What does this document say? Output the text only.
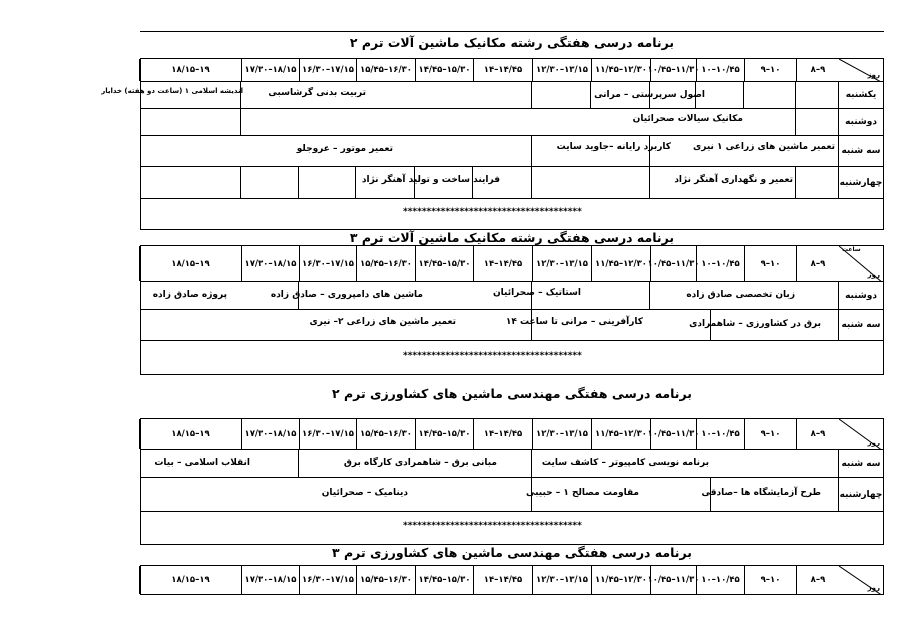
برنامه درسی هفتگی رشته مکانیک ماشین آلات ترم ۲
روز
۸–۹
۹–۱۰
۱۰–۱۰/۴۵
۱۰/۴۵–۱۱/۳۰
۱۱/۴۵–۱۲/۳۰
۱۲/۳۰–۱۳/۱۵
۱۴–۱۴/۴۵
۱۴/۴۵–۱۵/۳۰
۱۵/۴۵–۱۶/۳۰
۱۶/۳۰–۱۷/۱۵
۱۷/۳۰–۱۸/۱۵
۱۸/۱۵–۱۹
یکشنبه
اصول سرپرستی – مرانی
تربیت بدنی گرشاسبی
اندیشه اسلامی ۱ (ساعت دو هفته) خدایار
دوشنبه
مکانیک سیالات صحرائیان
سه شنبه
تعمیر ماشین های زراعی ۱ نیری
کاربرد رایانه –جاوید سایت
تعمیر موتور – عروجلو
چهارشنبه
تعمیر و نگهداری آهنگر نژاد
فرایند ساخت و تولید آهنگر نژاد
**************************************
برنامه درسی هفتگی رشته مکانیک ماشین آلات ترم ۳
روز
ساعت
۸–۹
۹–۱۰
۱۰–۱۰/۴۵
۱۰/۴۵–۱۱/۳۰
۱۱/۴۵–۱۲/۳۰
۱۲/۳۰–۱۳/۱۵
۱۴–۱۴/۴۵
۱۴/۴۵–۱۵/۳۰
۱۵/۴۵–۱۶/۳۰
۱۶/۳۰–۱۷/۱۵
۱۷/۳۰–۱۸/۱۵
۱۸/۱۵–۱۹
دوشنبه
زبان تخصصی صادق زاده
استاتیک – صحرائیان
ماشین های دامپروری – صادق زاده
پروژه صادق زاده
سه شنبه
برق در کشاورزی – شاهمرادی
کارآفرینی – مرانی تا ساعت ۱۴
تعمیر ماشین های زراعی ۲– نیری
**************************************
برنامه درسی هفتگی مهندسی ماشین های کشاورزی ترم ۲
روز
۸–۹
۹–۱۰
۱۰–۱۰/۴۵
۱۰/۴۵–۱۱/۳۰
۱۱/۴۵–۱۲/۳۰
۱۲/۳۰–۱۳/۱۵
۱۴–۱۴/۴۵
۱۴/۴۵–۱۵/۳۰
۱۵/۴۵–۱۶/۳۰
۱۶/۳۰–۱۷/۱۵
۱۷/۳۰–۱۸/۱۵
۱۸/۱۵–۱۹
سه شنبه
برنامه نویسی کامپیوتر – کاشف سایت
مبانی برق – شاهمرادی کارگاه برق
انقلاب اسلامی – بیات
چهارشنبه
طرح آزمایشگاه ها –صادقی
مقاومت مصالح ۱ – حبیبی
دینامیک – صحرائیان
**************************************
برنامه درسی هفتگی مهندسی ماشین های کشاورزی ترم ۳
روز
۸–۹
۹–۱۰
۱۰–۱۰/۴۵
۱۰/۴۵–۱۱/۳۰
۱۱/۴۵–۱۲/۳۰
۱۲/۳۰–۱۳/۱۵
۱۴–۱۴/۴۵
۱۴/۴۵–۱۵/۳۰
۱۵/۴۵–۱۶/۳۰
۱۶/۳۰–۱۷/۱۵
۱۷/۳۰–۱۸/۱۵
۱۸/۱۵–۱۹
